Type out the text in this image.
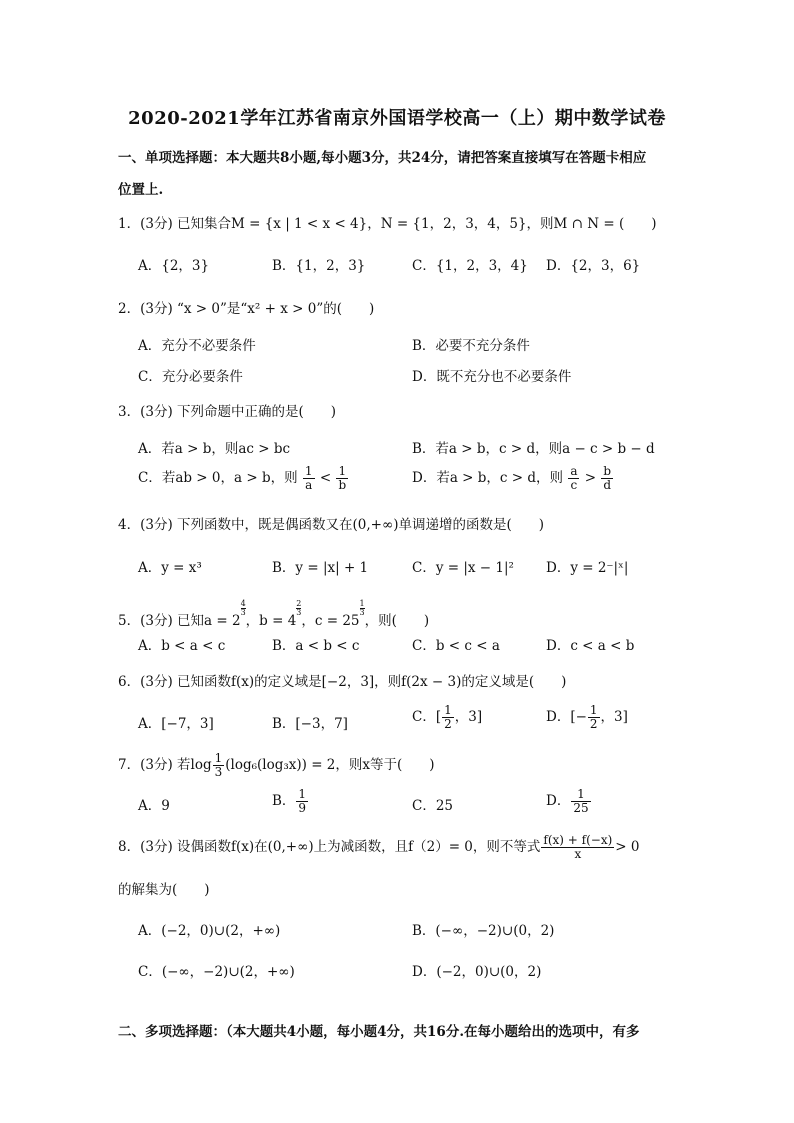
2020-2021学年江苏省南京外国语学校高一（上）期中数学试卷
一、单项选择题：本大题共8小题,每小题3分，共24分，请把答案直接填写在答题卡相应
位置上.
1．(3分) 已知集合M = {x | 1 < x < 4}，N = {1，2，3，4，5}，则M ∩ N = (　　)
A．{2，3}	B．{1，2，3}	C．{1，2，3，4} D．{2，3，6}
2．(3分) “x > 0”是“x² + x > 0”的(　　)
A．充分不必要条件	B．必要不充分条件
C．充分必要条件	D．既不充分也不必要条件
3．(3分) 下列命题中正确的是(　　)
A．若a > b，则ac > bc	B．若a > b，c > d，则a − c > b − d
C．若ab > 0，a > b，则 $\frac{1}{a} < \frac{1}{b}$	D．若a > b，c > d，则 $\frac{a}{c} > \frac{b}{d}$
4．(3分) 下列函数中，既是偶函数又在(0,+∞)单调递增的函数是(　　)
A．y = x³	B．y = |x| + 1	C．y = |x − 1|² D．y = 2⁻|ˣ|
5．(3分) 已知a = 2
$\frac{4}{3}$
，b = 4
$\frac{2}{3}$
，c = 25
$\frac{1}{3}$
，则(　　)
A．b < a < c	B．a < b < c	C．b < c < a	D．c < a < b
6．(3分) 已知函数f(x)的定义域是[−2，3]，则f(2x − 3)的定义域是(　　)
A．[−7，3]	B．[−3，7]	C．[ $\frac{1}{2}$ ，3]	D．[− $\frac{1}{2}$ ，3]
7．(3分) 若$\log \frac{1}{3} (\log_6(\log_3x)) = 2$，则x等于(　　)
A．9	B． $\frac{1}{9}$	C．25	D． $\frac{1}{25}$
8．(3分) 设偶函数f(x)在(0,+∞)上为减函数，且f（2）= 0，则不等式 $\frac{f(x) + f(-x)}{x} > 0$
的解集为(　　)
A．(−2，0)∪(2，+∞)	B．(−∞，−2)∪(0，2)
C．(−∞，−2)∪(2，+∞)	D．(−2，0)∪(0，2)
二、多项选择题：（本大题共4小题，每小题4分，共16分.在每小题给出的选项中，有多
